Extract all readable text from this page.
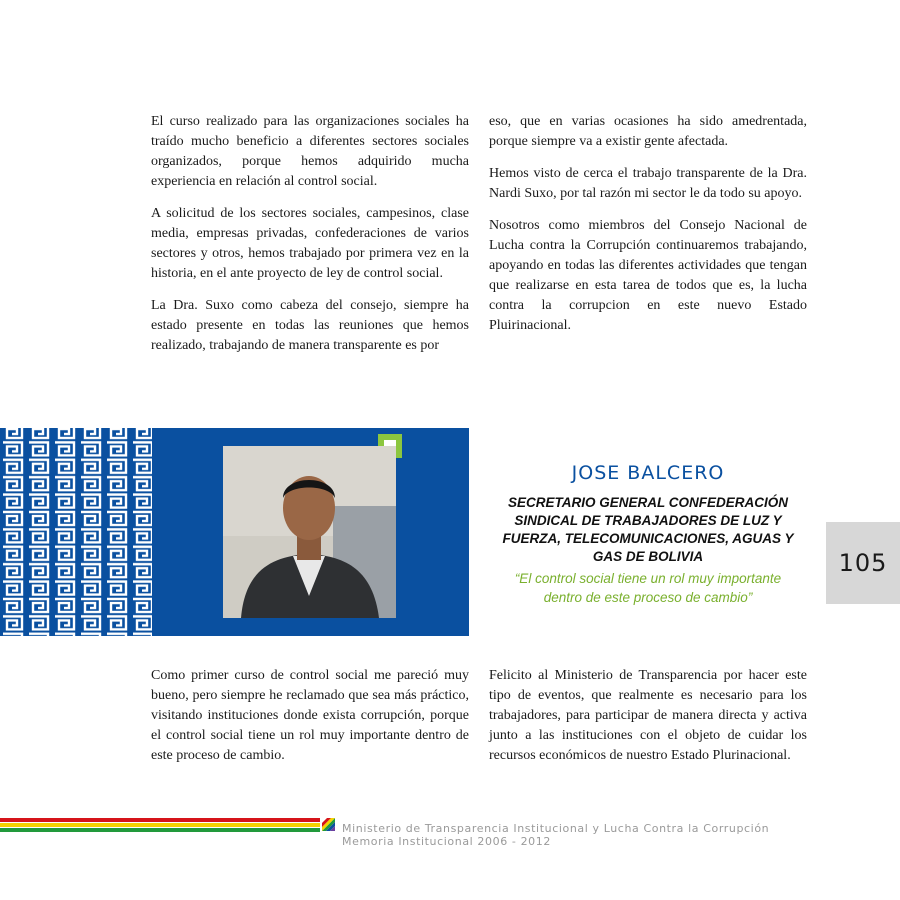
El curso realizado para las organizaciones sociales ha traído mucho beneficio a diferentes sectores sociales organizados, porque hemos adquirido mucha experiencia en relación al control social.

A solicitud de los sectores sociales, campesinos, clase media, empresas privadas, confederaciones de varios sectores y otros, hemos trabajado por primera vez en la historia, en el ante proyecto de ley de control social.

La Dra. Suxo como cabeza del consejo, siempre ha estado presente en todas las reuniones que hemos realizado, trabajando de manera transparente es por

eso, que en varias ocasiones ha sido amedrentada, porque siempre va a existir gente afectada.

Hemos visto de cerca el trabajo transparente de la Dra. Nardi Suxo, por tal razón mi sector le da todo su apoyo.

Nosotros como miembros del Consejo Nacional de Lucha contra la Corrupción continuaremos trabajando, apoyando en todas las diferentes actividades que tengan que realizarse en esta tarea de todos que es, la lucha contra la corrupcion en este nuevo Estado Pluirinacional.

JOSE BALCERO
SECRETARIO GENERAL CONFEDERACIÓN SINDICAL DE TRABAJADORES DE LUZ Y FUERZA, TELECOMUNICACIONES, AGUAS Y GAS DE BOLIVIA
“El control social tiene un rol muy importante dentro de este proceso de cambio”
105

Como primer curso de control social me pareció muy bueno, pero siempre he reclamado que sea más práctico, visitando instituciones donde exista corrupción, porque el control social tiene un rol muy importante dentro de este proceso de cambio.

Felicito al Ministerio de Transparencia por hacer este tipo de eventos, que realmente es necesario para los trabajadores, para participar de manera directa y activa junto a las instituciones con el objeto de cuidar los recursos económicos de nuestro Estado Plurinacional.

Ministerio de Transparencia Institucional y Lucha Contra la Corrupción
Memoria Institucional 2006 - 2012
